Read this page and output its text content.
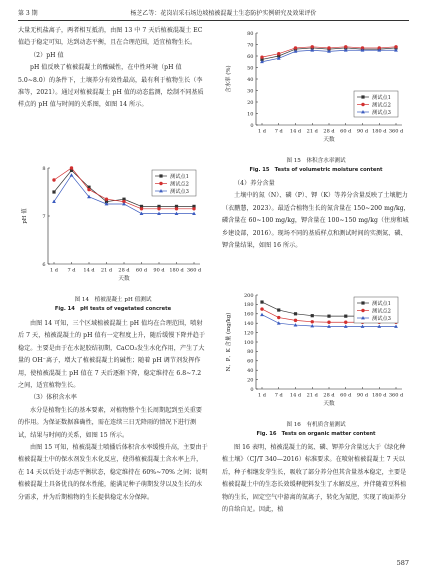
第 3 期	杨芝乙等：花岗岩采石场边坡植被混凝土生态防护实例研究及效果评价

大量无机盐离子，两者相互抵消，由图 13 中 7 天后植被混凝土 EC 值趋于稳定可知，达到动态平衡，且在合理范围，适宜植物生长。

（2）pH 值

pH 值反映了植被混凝土的酸碱性，在中性环境（pH 值 5.0~8.0）的条件下，土壤养分有效性最高，最有利于植物生长（李准等，2021）。通过对植被混凝土 pH 值的动态监测，绘制不同基质样点的 pH 值与时间的关系图，如图 14 所示。

6
7
8
1 d 7 d 14 d 21 d 28 d 60 d 90 d 180 d 360 d
天数
pH 值
测试点1
测试点2
测试点3
图 14　植被混凝土 pH 值测试
Fig. 14　pH tests of vegetated concrete

由图 14 可知，三个区域植被混凝土 pH 值均在合理范围，喷射后 7 天，植被混凝土的 pH 值有一定程度上升，随后缓慢下降并趋于稳定。主要是由于在水泥胶结初期，CaCO₃发生水化作用，产生了大量的 OH⁻离子，增大了植被混凝土的碱性；随着 pH 调节剂发挥作用，使植被混凝土 pH 值在 7 天后逐渐下降，稳定维持在 6.8~7.2 之间，适宜植物生长。

（3）体积含水率

水分是植物生长的基本要素，对植物整个生长周期起到至关重要的作用。为保证数据准确性，需在连续三日无降雨的情况下进行测试，结果与时间的关系，如图 15 所示。

由图 15 可知，植被混凝土喷播后体积含水率缓慢升高，主要由于植被混凝土中的保水剂发生水化反应，使得植被混凝土含水率上升，在 14 天以后处于动态平衡状态，稳定维持在 60%~70% 之间；说明植被混凝土具备优良的保水性能，能满足种子萌期发芽以及生长的水分需求，并为后期植物的生长提供稳定水分保障。

0
10
20
30
40
50
60
70
80
1 d 7 d 14 d 21 d 28 d 60 d 90 d 180 d 360 d
天数
含水率 (%)
测试点1
测试点2
测试点3
图 15　体积含水率测试
Fig. 15　Tests of volumetric moisture content

（4）养分含量

土壤中的氮（N）、磷（P）、钾（K）等养分含量反映了土壤肥力（衣鹏慧，2023）。最适合植物生长的氮含量在 150~200 mg/kg，磷含量在 60~100 mg/kg，钾含量在 100~150 mg/kg（住房和城乡建设部，2016）。现场不同的基质样点和测试时间的实测氮、磷、钾含量结果，如图 16 所示。

0
20
40
60
80
100
120
140
160
180
200
1 d 7 d 14 d 21 d 28 d 60 d 90 d 180 d 360 d
天数
N、P、K 含量 (mg/kg)
测试点1
测试点2
测试点3
图 16　有机质含量测试
Fig. 16　Tests on organic matter content

图 16 表明，植被混凝土的氮、磷、钾养分含量远大于《绿化种植土壤》（CJ/T 340—2016）标准要求。在喷射植被混凝土 7 天以后，种子相继发芽生长，吸收了部分养分但其含量基本稳定，主要是植被混凝土中的生态长效缓释肥料发生了水解反应，并伴随着豆科植物的生长，固定空气中游离的氮离子，转化为氮肥，实现了坡面养分的自给自足。因此，植

587
